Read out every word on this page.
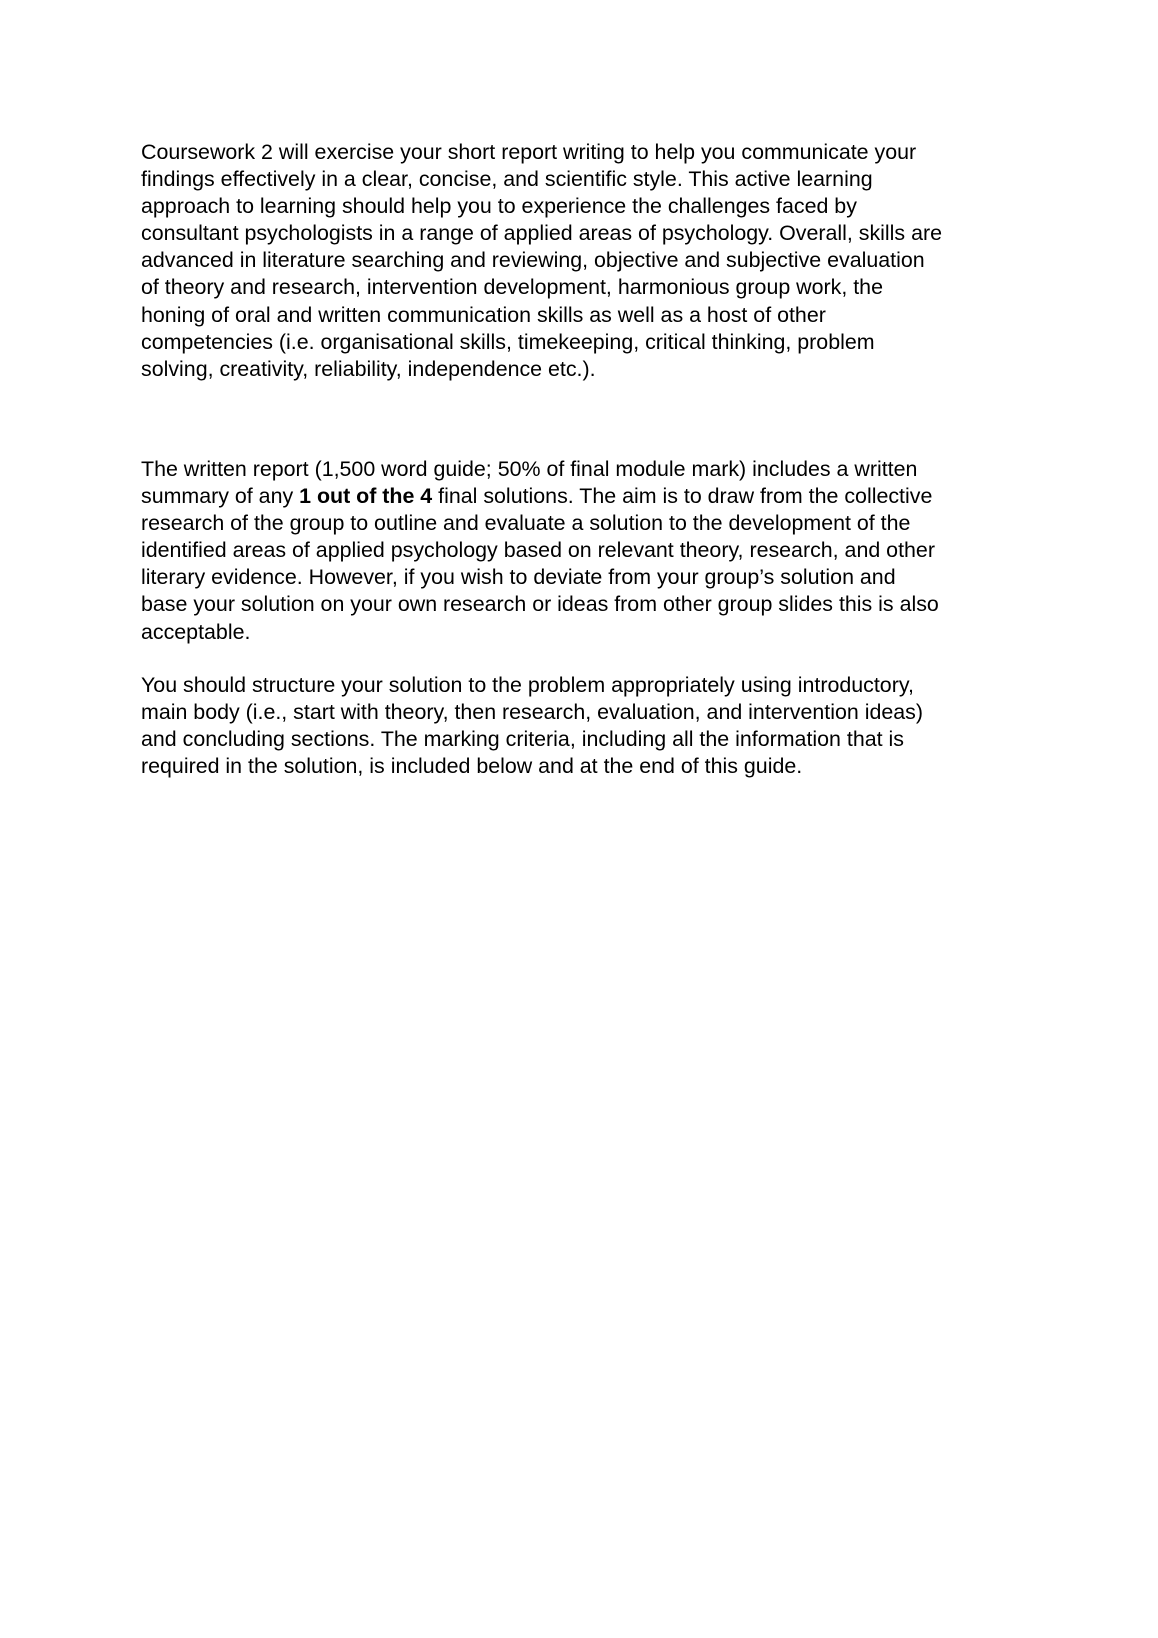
Coursework 2 will exercise your short report writing to help you communicate your
findings effectively in a clear, concise, and scientific style. This active learning
approach to learning should help you to experience the challenges faced by
consultant psychologists in a range of applied areas of psychology. Overall, skills are
advanced in literature searching and reviewing, objective and subjective evaluation
of theory and research, intervention development, harmonious group work, the
honing of oral and written communication skills as well as a host of other
competencies (i.e. organisational skills, timekeeping, critical thinking, problem
solving, creativity, reliability, independence etc.).

The written report (1,500 word guide; 50% of final module mark) includes a written
summary of any 1 out of the 4 final solutions. The aim is to draw from the collective
research of the group to outline and evaluate a solution to the development of the
identified areas of applied psychology based on relevant theory, research, and other
literary evidence. However, if you wish to deviate from your group’s solution and
base your solution on your own research or ideas from other group slides this is also
acceptable.

You should structure your solution to the problem appropriately using introductory,
main body (i.e., start with theory, then research, evaluation, and intervention ideas)
and concluding sections. The marking criteria, including all the information that is
required in the solution, is included below and at the end of this guide.
